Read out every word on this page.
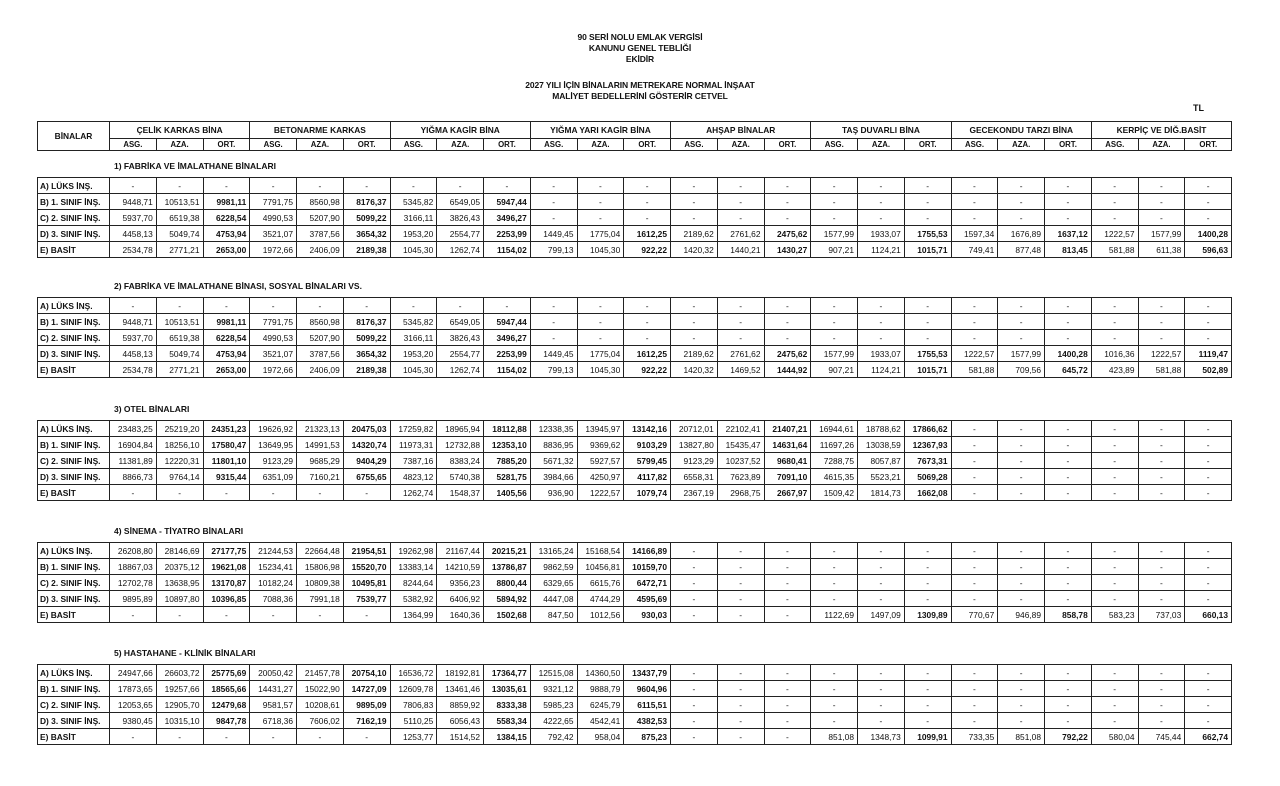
90 SERİ NOLU EMLAK VERGİSİ
KANUNU GENEL TEBLİĞİ
EKİDİR
2027 YILI İÇİN BİNALARIN METREKARE NORMAL İNŞAAT
MALİYET BEDELLERİNİ GÖSTERİR CETVEL
TL
BİNALAR	ÇELİK KARKAS BİNA			BETONARME KARKAS			YIĞMA KAGİR BİNA			YIĞMA YARI KAGİR BİNA			AHŞAP BİNALAR			TAŞ DUVARLI BİNA			GECEKONDU TARZI BİNA			KERPİÇ VE DİĞ.BASİT		
	ASG.	AZA.	ORT.	ASG.	AZA.	ORT.	ASG.	AZA.	ORT.	ASG.	AZA.	ORT.	ASG.	AZA.	ORT.	ASG.	AZA.	ORT.	ASG.	AZA.	ORT.	ASG.	AZA.	ORT.
1) FABRİKA VE İMALATHANE BİNALARI
A) LÜKS İNŞ.	-	-	-	-	-	-	-	-	-	-	-	-	-	-	-	-	-	-	-	-	-	-	-	-
B) 1. SINIF İNŞ.	9448,71	10513,51	9981,11	7791,75	8560,98	8176,37	5345,82	6549,05	5947,44	-	-	-	-	-	-	-	-	-	-	-	-	-	-	-
C) 2. SINIF İNŞ.	5937,70	6519,38	6228,54	4990,53	5207,90	5099,22	3166,11	3826,43	3496,27	-	-	-	-	-	-	-	-	-	-	-	-	-	-	-
D) 3. SINIF İNŞ.	4458,13	5049,74	4753,94	3521,07	3787,56	3654,32	1953,20	2554,77	2253,99	1449,45	1775,04	1612,25	2189,62	2761,62	2475,62	1577,99	1933,07	1755,53	1597,34	1676,89	1637,12	1222,57	1577,99	1400,28
E) BASİT	2534,78	2771,21	2653,00	1972,66	2406,09	2189,38	1045,30	1262,74	1154,02	799,13	1045,30	922,22	1420,32	1440,21	1430,27	907,21	1124,21	1015,71	749,41	877,48	813,45	581,88	611,38	596,63
2) FABRİKA VE İMALATHANE BİNASI, SOSYAL BİNALARI VS.
A) LÜKS İNŞ.	-	-	-	-	-	-	-	-	-	-	-	-	-	-	-	-	-	-	-	-	-	-	-	-
B) 1. SINIF İNŞ.	9448,71	10513,51	9981,11	7791,75	8560,98	8176,37	5345,82	6549,05	5947,44	-	-	-	-	-	-	-	-	-	-	-	-	-	-	-
C) 2. SINIF İNŞ.	5937,70	6519,38	6228,54	4990,53	5207,90	5099,22	3166,11	3826,43	3496,27	-	-	-	-	-	-	-	-	-	-	-	-	-	-	-
D) 3. SINIF İNŞ.	4458,13	5049,74	4753,94	3521,07	3787,56	3654,32	1953,20	2554,77	2253,99	1449,45	1775,04	1612,25	2189,62	2761,62	2475,62	1577,99	1933,07	1755,53	1222,57	1577,99	1400,28	1016,36	1222,57	1119,47
E) BASİT	2534,78	2771,21	2653,00	1972,66	2406,09	2189,38	1045,30	1262,74	1154,02	799,13	1045,30	922,22	1420,32	1469,52	1444,92	907,21	1124,21	1015,71	581,88	709,56	645,72	423,89	581,88	502,89
3) OTEL BİNALARI
A) LÜKS İNŞ.	23483,25	25219,20	24351,23	19626,92	21323,13	20475,03	17259,82	18965,94	18112,88	12338,35	13945,97	13142,16	20712,01	22102,41	21407,21	16944,61	18788,62	17866,62	-	-	-	-	-	-
B) 1. SINIF İNŞ.	16904,84	18256,10	17580,47	13649,95	14991,53	14320,74	11973,31	12732,88	12353,10	8836,95	9369,62	9103,29	13827,80	15435,47	14631,64	11697,26	13038,59	12367,93	-	-	-	-	-	-
C) 2. SINIF İNŞ.	11381,89	12220,31	11801,10	9123,29	9685,29	9404,29	7387,16	8383,24	7885,20	5671,32	5927,57	5799,45	9123,29	10237,52	9680,41	7288,75	8057,87	7673,31	-	-	-	-	-	-
D) 3. SINIF İNŞ.	8866,73	9764,14	9315,44	6351,09	7160,21	6755,65	4823,12	5740,38	5281,75	3984,66	4250,97	4117,82	6558,31	7623,89	7091,10	4615,35	5523,21	5069,28	-	-	-	-	-	-
E) BASİT	-	-	-	-	-	-	1262,74	1548,37	1405,56	936,90	1222,57	1079,74	2367,19	2968,75	2667,97	1509,42	1814,73	1662,08	-	-	-	-	-	-
4) SİNEMA - TİYATRO BİNALARI
A) LÜKS İNŞ.	26208,80	28146,69	27177,75	21244,53	22664,48	21954,51	19262,98	21167,44	20215,21	13165,24	15168,54	14166,89	-	-	-	-	-	-	-	-	-	-	-	-
B) 1. SINIF İNŞ.	18867,03	20375,12	19621,08	15234,41	15806,98	15520,70	13383,14	14210,59	13786,87	9862,59	10456,81	10159,70	-	-	-	-	-	-	-	-	-	-	-	-
C) 2. SINIF İNŞ.	12702,78	13638,95	13170,87	10182,24	10809,38	10495,81	8244,64	9356,23	8800,44	6329,65	6615,76	6472,71	-	-	-	-	-	-	-	-	-	-	-	-
D) 3. SINIF İNŞ.	9895,89	10897,80	10396,85	7088,36	7991,18	7539,77	5382,92	6406,92	5894,92	4447,08	4744,29	4595,69	-	-	-	-	-	-	-	-	-	-	-	-
E) BASİT	-	-	-	-	-	-	1364,99	1640,36	1502,68	847,50	1012,56	930,03	-	-	-	1122,69	1497,09	1309,89	770,67	946,89	858,78	583,23	737,03	660,13
5) HASTAHANE - KLİNİK BİNALARI
A) LÜKS İNŞ.	24947,66	26603,72	25775,69	20050,42	21457,78	20754,10	16536,72	18192,81	17364,77	12515,08	14360,50	13437,79	-	-	-	-	-	-	-	-	-	-	-	-
B) 1. SINIF İNŞ.	17873,65	19257,66	18565,66	14431,27	15022,90	14727,09	12609,78	13461,46	13035,61	9321,12	9888,79	9604,96	-	-	-	-	-	-	-	-	-	-	-	-
C) 2. SINIF İNŞ.	12053,65	12905,70	12479,68	9581,57	10208,61	9895,09	7806,83	8859,92	8333,38	5985,23	6245,79	6115,51	-	-	-	-	-	-	-	-	-	-	-	-
D) 3. SINIF İNŞ.	9380,45	10315,10	9847,78	6718,36	7606,02	7162,19	5110,25	6056,43	5583,34	4222,65	4542,41	4382,53	-	-	-	-	-	-	-	-	-	-	-	-
E) BASİT	-	-	-	-	-	-	1253,77	1514,52	1384,15	792,42	958,04	875,23	-	-	-	851,08	1348,73	1099,91	733,35	851,08	792,22	580,04	745,44	662,74
